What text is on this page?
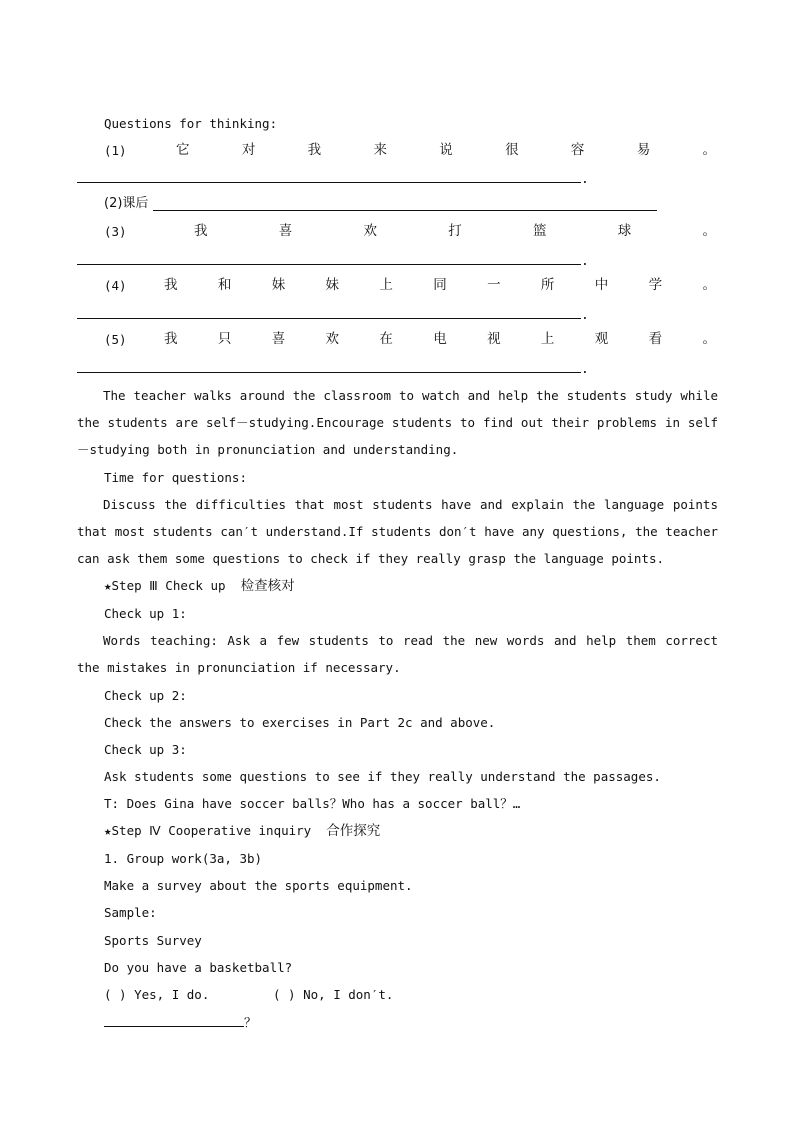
Questions for thinking:
(1)	它	对	我	来	说	很	容	易	。
.
(2)课后
(3)	我	喜	欢	打	篮	球	。
.
(4)	我	和	妹	妹	上	同	一	所	中	学	。
.
(5)	我	只	喜	欢	在	电	视	上	观	看	。
.
The teacher walks around the classroom to watch and help the students study while the students are self－studying.Encourage students to find out their problems in self－studying both in pronunciation and understanding.
Time for questions:
Discuss the difficulties that most students have and explain the language points that most students can′t understand.If students don′t have any questions, the teacher can ask them some questions to check if they really grasp the language points.
★Step Ⅲ Check up 检查核对
Check up 1:
Words teaching: Ask a few students to read the new words and help them correct the mistakes in pronunciation if necessary.
Check up 2:
Check the answers to exercises in Part 2c and above.
Check up 3:
Ask students some questions to see if they really understand the passages.
T: Does Gina have soccer balls？Who has a soccer ball？…
★Step Ⅳ Cooperative inquiry 合作探究
1. Group work(3a, 3b)
Make a survey about the sports equipment.
Sample:
Sports Survey
Do you have a basketball?
( ) Yes, I do.	( ) No, I don′t.
？
